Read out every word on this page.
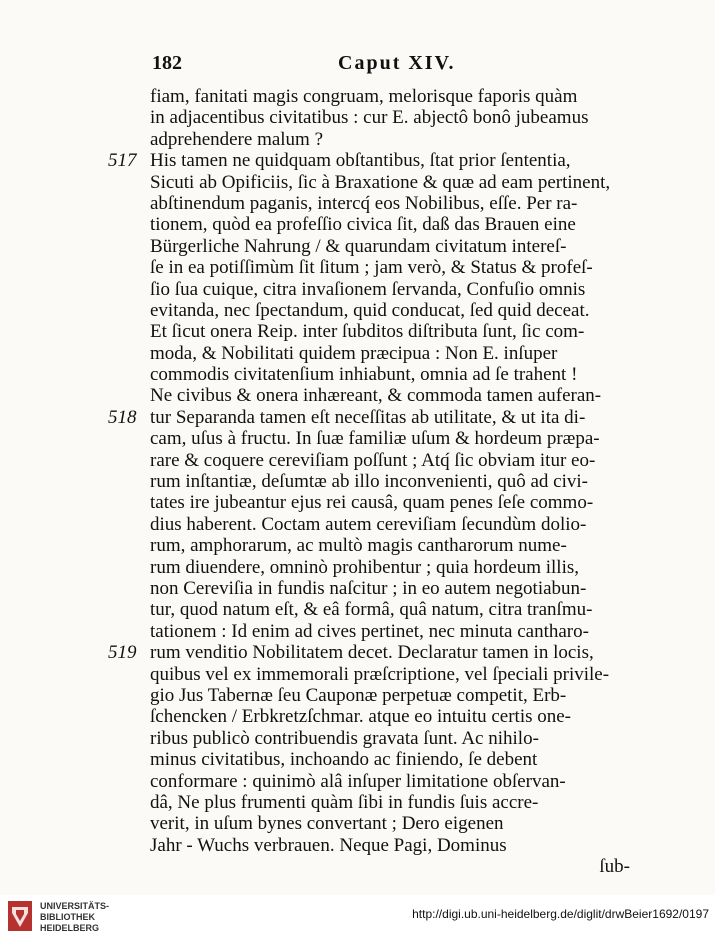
182	Caput XIV.
fiam, fanitati magis congruam, melorisque faporis quàm
in adjacentibus civitatibus : cur E. abjectô bonô jubeamus
adprehendere malum ?
517 His tamen ne quidquam obſtantibus, ſtat prior ſententia,
Sicuti ab Opificiis, ſic à Braxatione & quæ ad eam pertinent,
abſtinendum paganis, intercq́ eos Nobilibus, eſſe. Per ra-
tionem, quòd ea profeſſio civica ſit, daß das Brauen eine
Bürgerliche Nahrung / & quarundam civitatum intereſ-
ſe in ea potiſſimùm ſit ſitum ; jam verò, & Status & profeſ-
ſio ſua cuique, citra invaſionem ſervanda, Confuſio omnis
evitanda, nec ſpectandum, quid conducat, ſed quid deceat.
Et ſicut onera Reip. inter ſubditos diſtributa ſunt, ſic com-
moda, & Nobilitati quidem præcipua : Non E. inſuper
commodis civitatenſium inhiabunt, omnia ad ſe trahent !
Ne civibus & onera inhæreant, & commoda tamen auferan-
518 tur Separanda tamen eſt neceſſitas ab utilitate, & ut ita di-
cam, uſus à fructu. In ſuæ familiæ uſum & hordeum præpa-
rare & coquere cereviſiam poſſunt ; Atq́ ſic obviam itur eo-
rum inſtantiæ, deſumtæ ab illo inconvenienti, quô ad civi-
tates ire jubeantur ejus rei causâ, quam penes ſeſe commo-
dius haberent. Coctam autem cereviſiam ſecundùm dolio-
rum, amphorarum, ac multò magis cantharorum nume-
rum diuendere, omninò prohibentur ; quia hordeum illis,
non Cereviſia in fundis naſcitur ; in eo autem negotiabun-
tur, quod natum eſt, & eâ formâ, quâ natum, citra tranſmu-
tationem : Id enim ad cives pertinet, nec minuta cantharo-
519 rum venditio Nobilitatem decet. Declaratur tamen in locis,
quibus vel ex immemorali præſcriptione, vel ſpeciali privile-
gio Jus Tabernæ ſeu Cauponæ perpetuæ competit, Erb-
ſchencken / Erbkretzſchmar. atque eo intuitu certis one-
ribus publicò contribuendis gravata ſunt. Ac nihilo-
minus civitatibus, inchoando ac finiendo, ſe debent
conformare : quinimò alâ inſuper limitatione obſervan-
dâ, Ne plus frumenti quàm ſibi in fundis ſuis accre-
verit, in uſum bynes convertant ; Dero eigenen
Jahr - Wuchs verbrauen. Neque Pagi, Dominus
ſub-
UNIVERSITÄTS-
BIBLIOTHEK
HEIDELBERG
http://digi.ub.uni-heidelberg.de/diglit/drwBeier1692/0197
